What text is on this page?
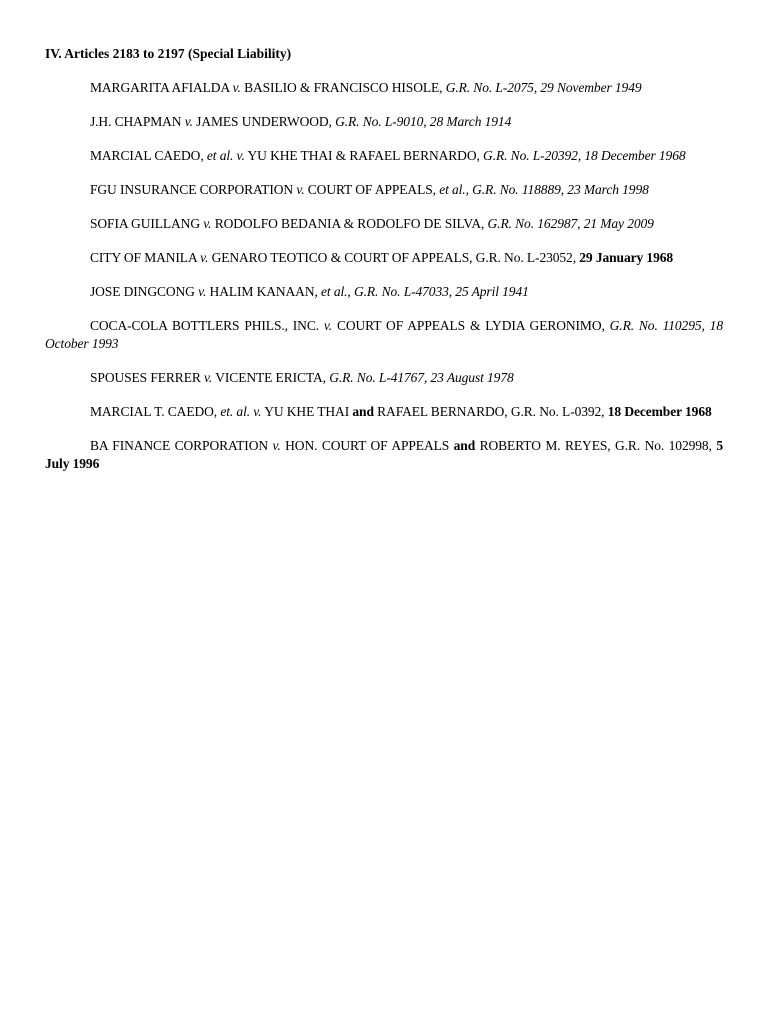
IV. Articles 2183 to 2197 (Special Liability)

MARGARITA AFIALDA v. BASILIO & FRANCISCO HISOLE, G.R. No. L-2075, 29 November 1949

J.H. CHAPMAN v. JAMES UNDERWOOD, G.R. No. L-9010, 28 March 1914

MARCIAL CAEDO, et al. v. YU KHE THAI & RAFAEL BERNARDO, G.R. No. L-20392, 18 December 1968

FGU INSURANCE CORPORATION v. COURT OF APPEALS, et al., G.R. No. 118889, 23 March 1998

SOFIA GUILLANG v. RODOLFO BEDANIA & RODOLFO DE SILVA, G.R. No. 162987, 21 May 2009

CITY OF MANILA v. GENARO TEOTICO & COURT OF APPEALS, G.R. No. L-23052, 29 January 1968

JOSE DINGCONG v. HALIM KANAAN, et al., G.R. No. L-47033, 25 April 1941

COCA-COLA BOTTLERS PHILS., INC. v. COURT OF APPEALS & LYDIA GERONIMO, G.R. No. 110295, 18 October 1993

SPOUSES FERRER v. VICENTE ERICTA, G.R. No. L-41767, 23 August 1978

MARCIAL T. CAEDO, et. al. v. YU KHE THAI and RAFAEL BERNARDO, G.R. No. L-0392, 18 December 1968

BA FINANCE CORPORATION v. HON. COURT OF APPEALS and ROBERTO M. REYES, G.R. No. 102998, 5 July 1996
